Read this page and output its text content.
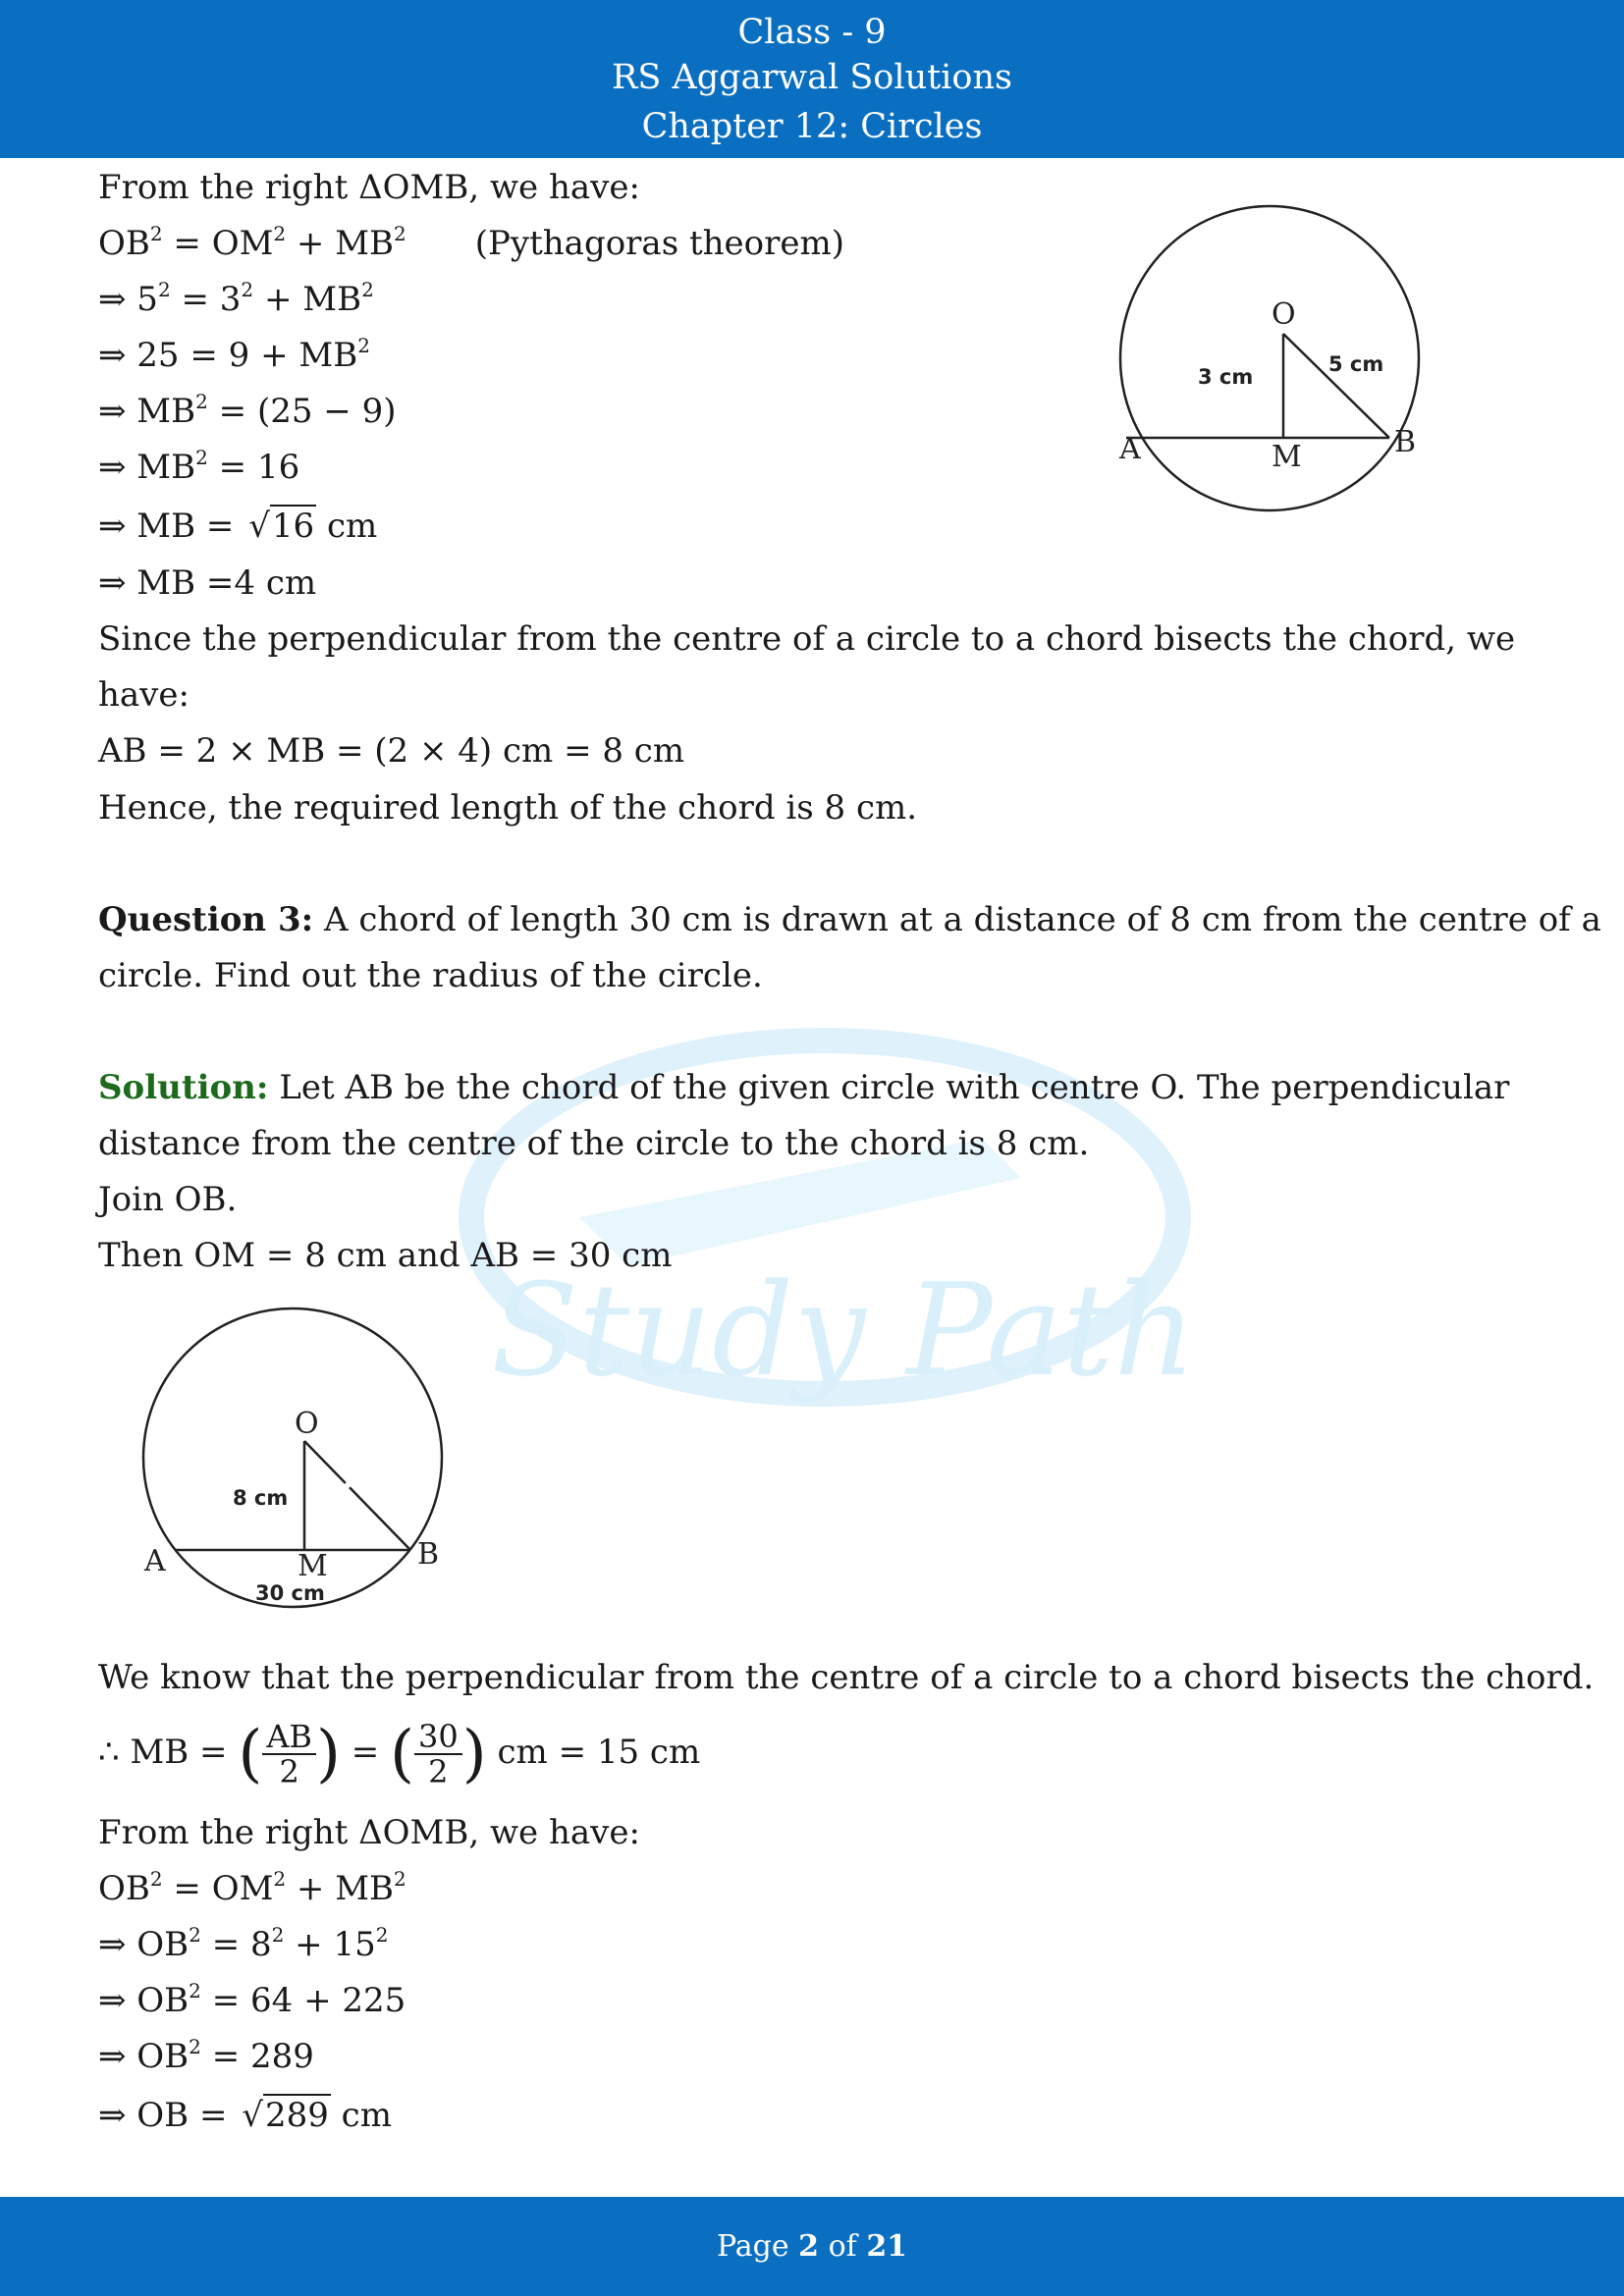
Class - 9
RS Aggarwal Solutions
Chapter 12: Circles
Study Path
From the right ΔOMB, we have:
$OB^2 = OM^2 + MB^2$ (Pythagoras theorem)
⇒ $5^2 = 3^2 + MB^2$
⇒ $25 = 9 + MB^2$
⇒ $MB^2 = (25 - 9)$
⇒ $MB^2 = 16$
⇒ MB = √16 cm
⇒ MB =4 cm
Since the perpendicular from the centre of a circle to a chord bisects the chord, we
have:
AB = 2 × MB = (2 × 4) cm = 8 cm
Hence, the required length of the chord is 8 cm.
O
A	B
M
3 cm
5 cm
Question 3: A chord of length 30 cm is drawn at a distance of 8 cm from the centre of a
circle. Find out the radius of the circle.
Solution: Let AB be the chord of the given circle with centre O. The perpendicular
distance from the centre of the circle to the chord is 8 cm.
Join OB.
Then OM = 8 cm and AB = 30 cm
O
A	B
M
8 cm
30 cm
We know that the perpendicular from the centre of a circle to a chord bisects the chord.
∴ MB = ( $\frac{AB}{2}$ ) = ( $\frac{30}{2}$ ) cm = 15 cm
From the right ΔOMB, we have:
$OB^2 = OM^2 + MB^2$
⇒ $OB^2 = 8^2 + 15^2$
⇒ $OB^2 = 64 + 225$
⇒ $OB^2 = 289$
⇒ OB = √289 cm
Page 2 of 21
